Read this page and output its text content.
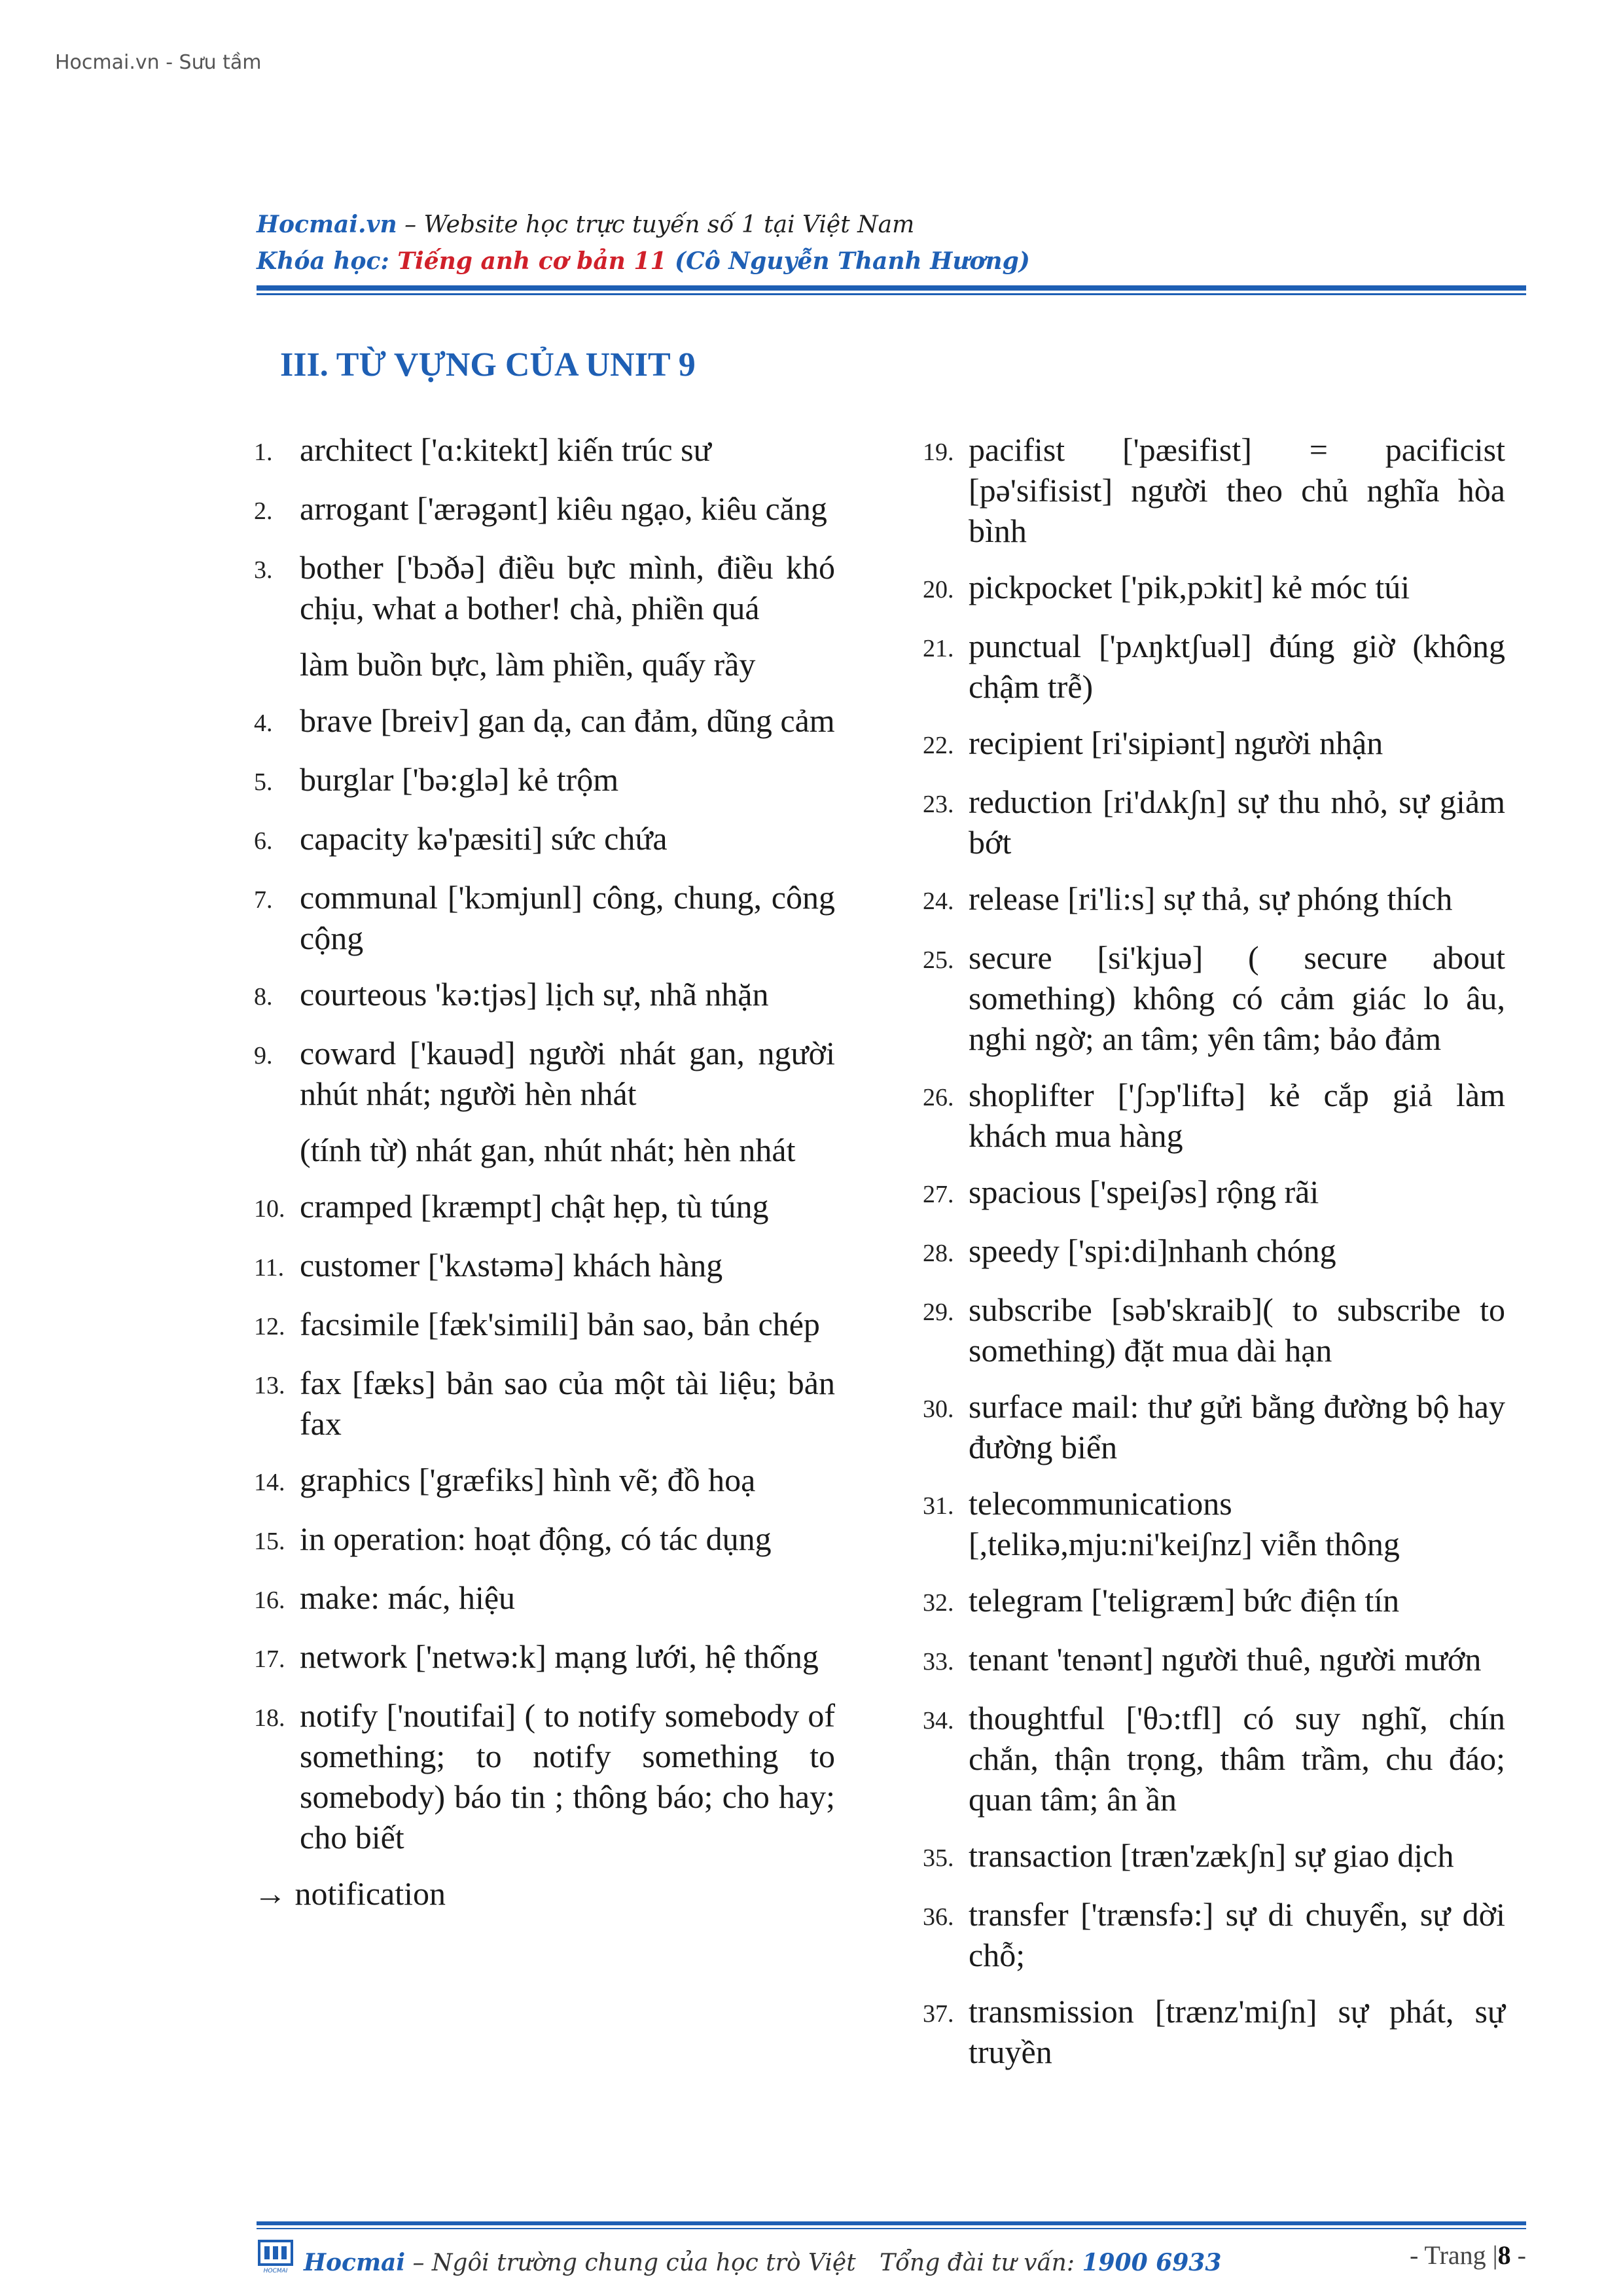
Hocmai.vn - Sưu tầm
Hocmai.vn – Website học trực tuyến số 1 tại Việt Nam
Khóa học: Tiếng anh cơ bản 11 (Cô Nguyễn Thanh Hương)
III. TỪ VỰNG CỦA UNIT 9
1. architect ['ɑ:kitekt] kiến trúc sư
2. arrogant ['ærəgənt] kiêu ngạo, kiêu căng
3. bother ['bɔðə] điều bực mình, điều khó chịu, what a bother! chà, phiền quá
làm buồn bực, làm phiền, quấy rầy
4. brave [breiv] gan dạ, can đảm, dũng cảm
5. burglar ['bə:glə] kẻ trộm
6. capacity kə'pæsiti] sức chứa
7. communal ['kɔmjunl] công, chung, công cộng
8. courteous 'kə:tjəs] lịch sự, nhã nhặn
9. coward ['kauəd] người nhát gan, người nhút nhát; người hèn nhát
(tính từ) nhát gan, nhút nhát; hèn nhát
10. cramped [kræmpt] chật hẹp, tù túng
11. customer ['kʌstəmə] khách hàng
12. facsimile [fæk'simili] bản sao, bản chép
13. fax [fæks] bản sao của một tài liệu; bản fax
14. graphics ['græfiks] hình vẽ; đồ hoạ
15. in operation: hoạt động, có tác dụng
16. make: mác, hiệu
17. network ['netwə:k] mạng lưới, hệ thống
18. notify ['noutifai] ( to notify somebody of something; to notify something to somebody) báo tin ; thông báo; cho hay; cho biết
→ notification
19. pacifist ['pæsifist] = pacificist [pə'sifisist] người theo chủ nghĩa hòa bình
20. pickpocket ['pik,pɔkit] kẻ móc túi
21. punctual ['pʌŋktʃuəl] đúng giờ (không chậm trễ)
22. recipient [ri'sipiənt] người nhận
23. reduction [ri'dʌkʃn] sự thu nhỏ, sự giảm bớt
24. release [ri'li:s] sự thả, sự phóng thích
25. secure [si'kjuə] ( secure about something) không có cảm giác lo âu, nghi ngờ; an tâm; yên tâm; bảo đảm
26. shoplifter ['ʃɔp'liftə] kẻ cắp giả làm khách mua hàng
27. spacious ['speiʃəs] rộng rãi
28. speedy ['spi:di]nhanh chóng
29. subscribe [səb'skraib]( to subscribe to something) đặt mua dài hạn
30. surface mail: thư gửi bằng đường bộ hay đường biển
31. telecommunications [,telikə,mju:ni'keiʃnz] viễn thông
32. telegram ['teligræm] bức điện tín
33. tenant 'tenənt] người thuê, người mướn
34. thoughtful ['θɔ:tfl] có suy nghĩ, chín chắn, thận trọng, thâm trầm, chu đáo; quan tâm; ân ần
35. transaction [træn'zækʃn] sự giao dịch
36. transfer ['trænsfə:] sự di chuyển, sự dời chỗ;
37. transmission [trænz'miʃn] sự phát, sự truyền
HOCMAI Hocmai – Ngôi trường chung của học trò Việt Tổng đài tư vấn: 1900 6933	- Trang |8 -
